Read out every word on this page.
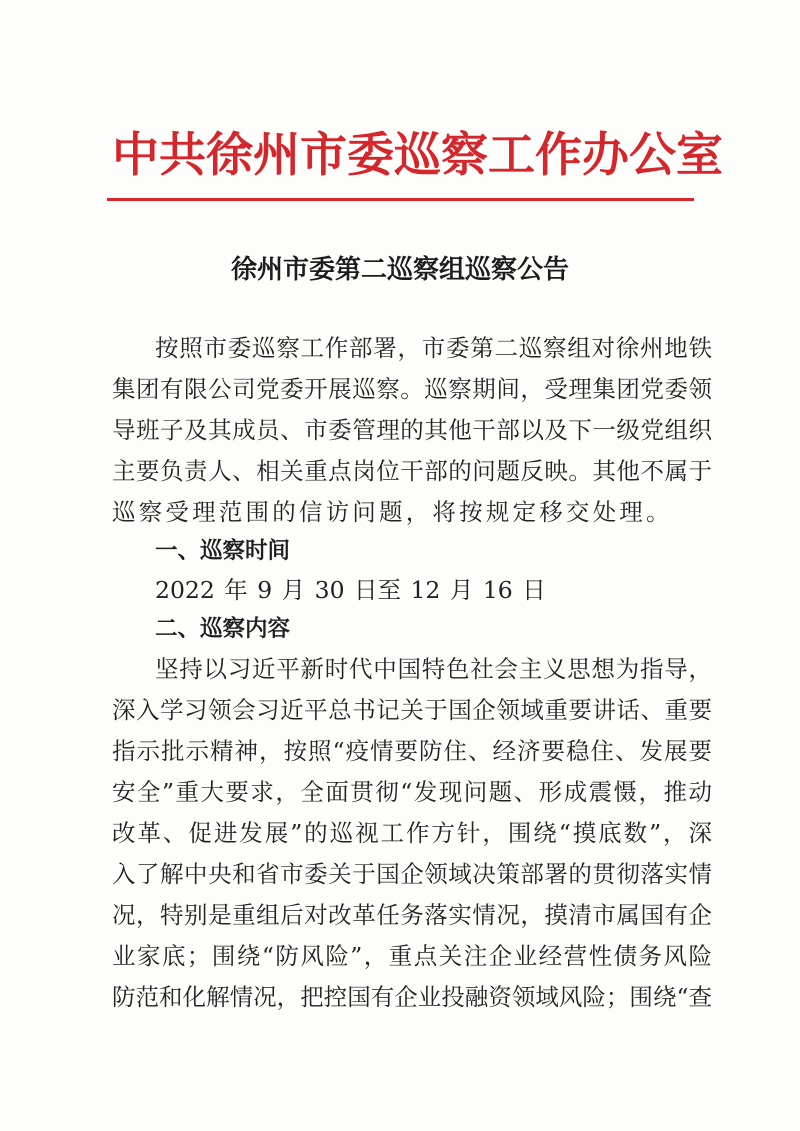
中共徐州市委巡察工作办公室
徐州市委第二巡察组巡察公告
按照市委巡察工作部署，市委第二巡察组对徐州地铁
集团有限公司党委开展巡察。巡察期间，受理集团党委领
导班子及其成员、市委管理的其他干部以及下一级党组织
主要负责人、相关重点岗位干部的问题反映。其他不属于
巡察受理范围的信访问题，将按规定移交处理。
一、巡察时间
2022 年 9 月 30 日至 12 月 16 日
二、巡察内容
坚持以习近平新时代中国特色社会主义思想为指导，
深入学习领会习近平总书记关于国企领域重要讲话、重要
指示批示精神，按照“疫情要防住、经济要稳住、发展要
安全”重大要求，全面贯彻“发现问题、形成震慑，推动
改革、促进发展”的巡视工作方针，围绕“摸底数”，深
入了解中央和省市委关于国企领域决策部署的贯彻落实情
况，特别是重组后对改革任务落实情况，摸清市属国有企
业家底；围绕“防风险”，重点关注企业经营性债务风险
防范和化解情况，把控国有企业投融资领域风险；围绕“查
